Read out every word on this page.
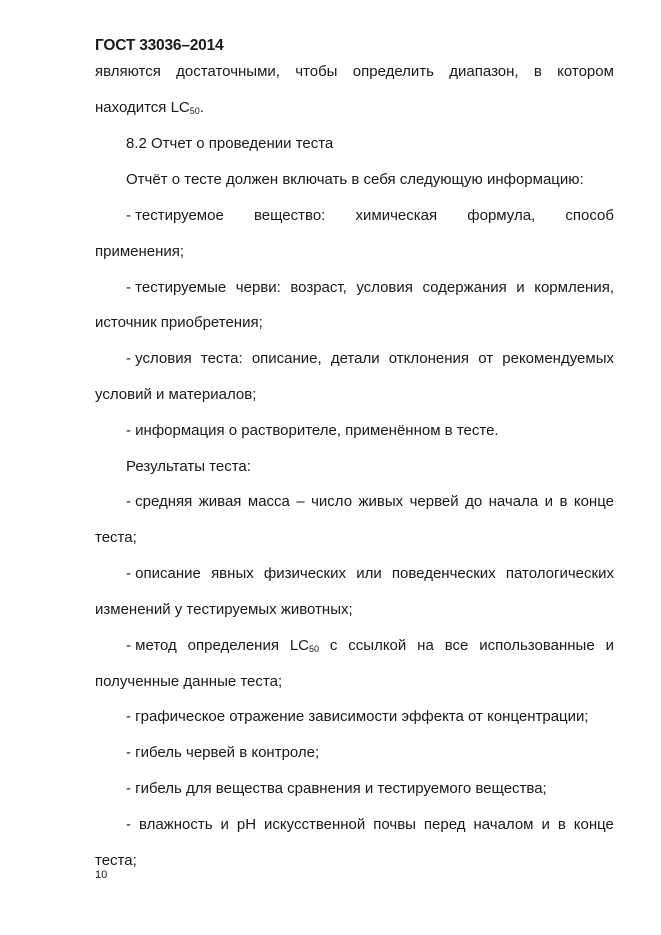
ГОСТ 33036–2014
являются достаточными, чтобы определить диапазон, в котором
находится $LC_{50}$.
8.2 Отчет о проведении теста
Отчёт о тесте должен включать в себя следующую информацию:
- тестируемое вещество: химическая формула, способ
применения;
- тестируемые черви: возраст, условия содержания и кормления,
источник приобретения;
- условия теста: описание, детали отклонения от рекомендуемых
условий и материалов;
- информация о растворителе, применённом в тесте.
Результаты теста:
- средняя живая масса – число живых червей до начала и в конце
теста;
- описание явных физических или поведенческих патологических
изменений у тестируемых животных;
- метод определения $LC_{50}$ с ссылкой на все использованные и
полученные данные теста;
- графическое отражение зависимости эффекта от концентрации;
- гибель червей в контроле;
- гибель для вещества сравнения и тестируемого вещества;
- влажность и pH искусственной почвы перед началом и в конце
теста;
10
